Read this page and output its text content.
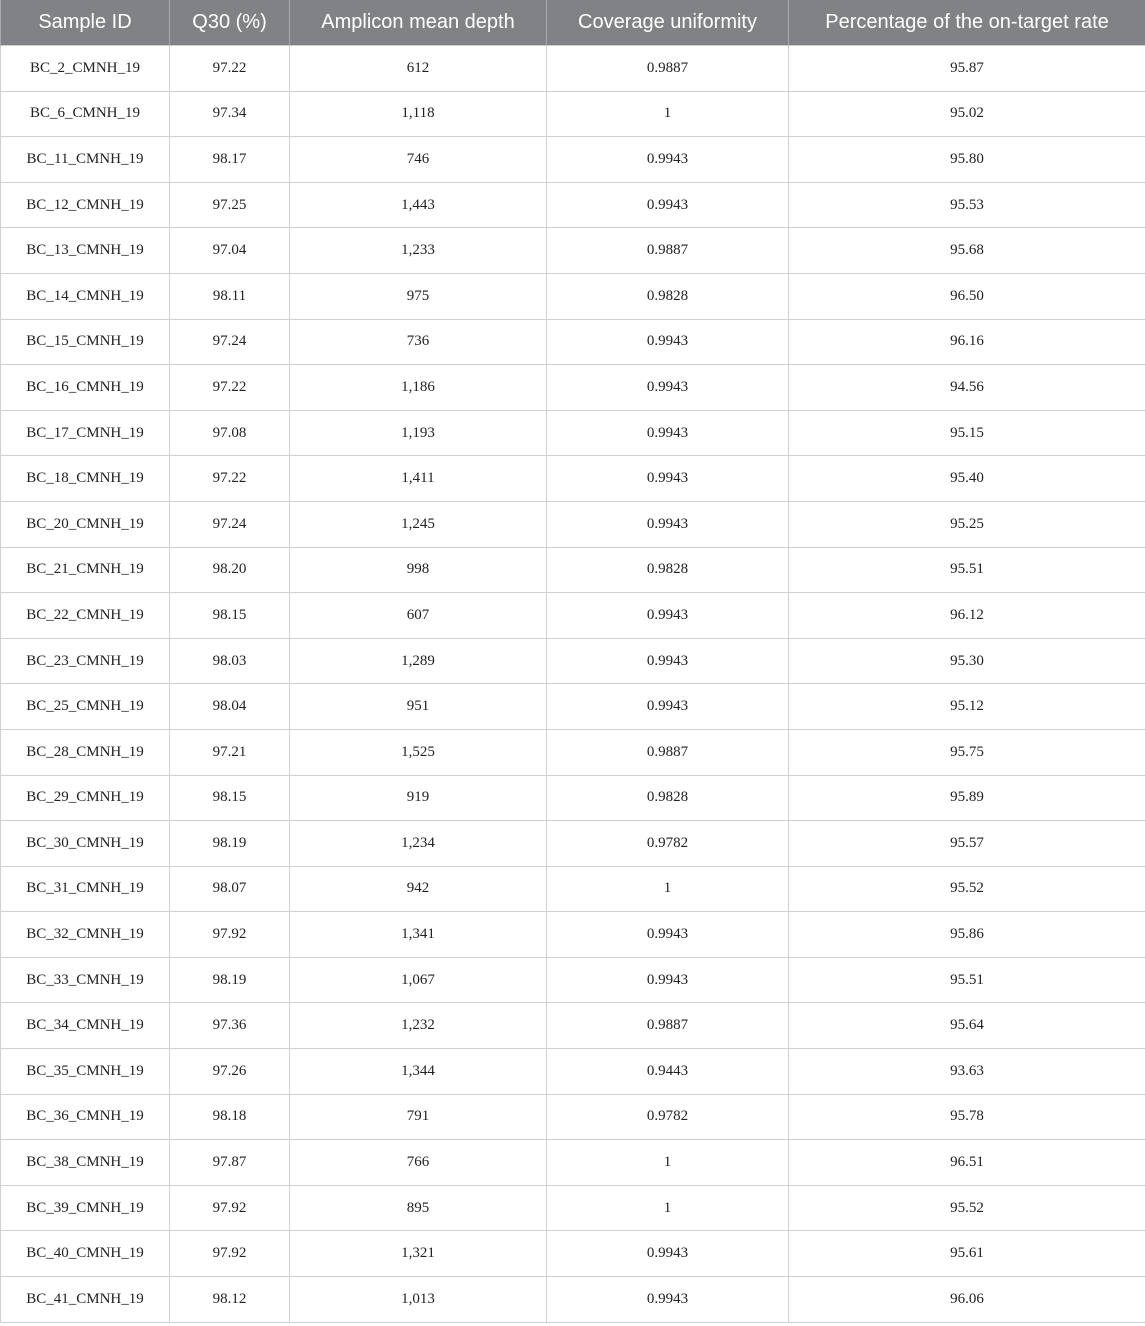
Sample ID	Q30 (%)	Amplicon mean depth	Coverage uniformity	Percentage of the on-target rate
BC_2_CMNH_19	97.22	612	0.9887	95.87
BC_6_CMNH_19	97.34	1,118	1	95.02
BC_11_CMNH_19	98.17	746	0.9943	95.80
BC_12_CMNH_19	97.25	1,443	0.9943	95.53
BC_13_CMNH_19	97.04	1,233	0.9887	95.68
BC_14_CMNH_19	98.11	975	0.9828	96.50
BC_15_CMNH_19	97.24	736	0.9943	96.16
BC_16_CMNH_19	97.22	1,186	0.9943	94.56
BC_17_CMNH_19	97.08	1,193	0.9943	95.15
BC_18_CMNH_19	97.22	1,411	0.9943	95.40
BC_20_CMNH_19	97.24	1,245	0.9943	95.25
BC_21_CMNH_19	98.20	998	0.9828	95.51
BC_22_CMNH_19	98.15	607	0.9943	96.12
BC_23_CMNH_19	98.03	1,289	0.9943	95.30
BC_25_CMNH_19	98.04	951	0.9943	95.12
BC_28_CMNH_19	97.21	1,525	0.9887	95.75
BC_29_CMNH_19	98.15	919	0.9828	95.89
BC_30_CMNH_19	98.19	1,234	0.9782	95.57
BC_31_CMNH_19	98.07	942	1	95.52
BC_32_CMNH_19	97.92	1,341	0.9943	95.86
BC_33_CMNH_19	98.19	1,067	0.9943	95.51
BC_34_CMNH_19	97.36	1,232	0.9887	95.64
BC_35_CMNH_19	97.26	1,344	0.9443	93.63
BC_36_CMNH_19	98.18	791	0.9782	95.78
BC_38_CMNH_19	97.87	766	1	96.51
BC_39_CMNH_19	97.92	895	1	95.52
BC_40_CMNH_19	97.92	1,321	0.9943	95.61
BC_41_CMNH_19	98.12	1,013	0.9943	96.06
